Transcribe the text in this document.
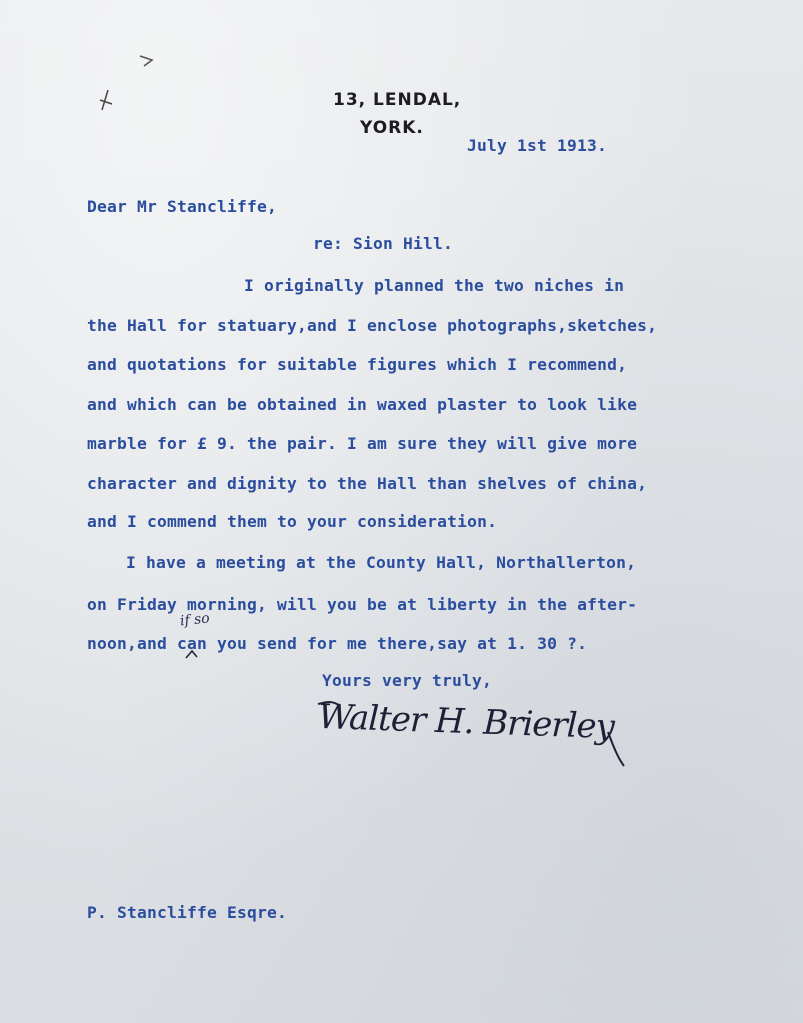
13, LENDAL,
YORK.
July 1st 1913.
Dear Mr Stancliffe,
re: Sion Hill.
I originally planned the two niches in
the Hall for statuary,and I enclose photographs,sketches,
and quotations for suitable figures which I recommend,
and which can be obtained in waxed plaster to look like
marble for £ 9. the pair. I am sure they will give more
character and dignity to the Hall than shelves of china,
and I commend them to your consideration.
I have a meeting at the County Hall, Northallerton,
on Friday morning, will you be at liberty in the after-
noon,and can you send for me there,say at 1. 30 ?.
if so
Yours very truly,
Walter H. Brierley
P. Stancliffe Esqre.
